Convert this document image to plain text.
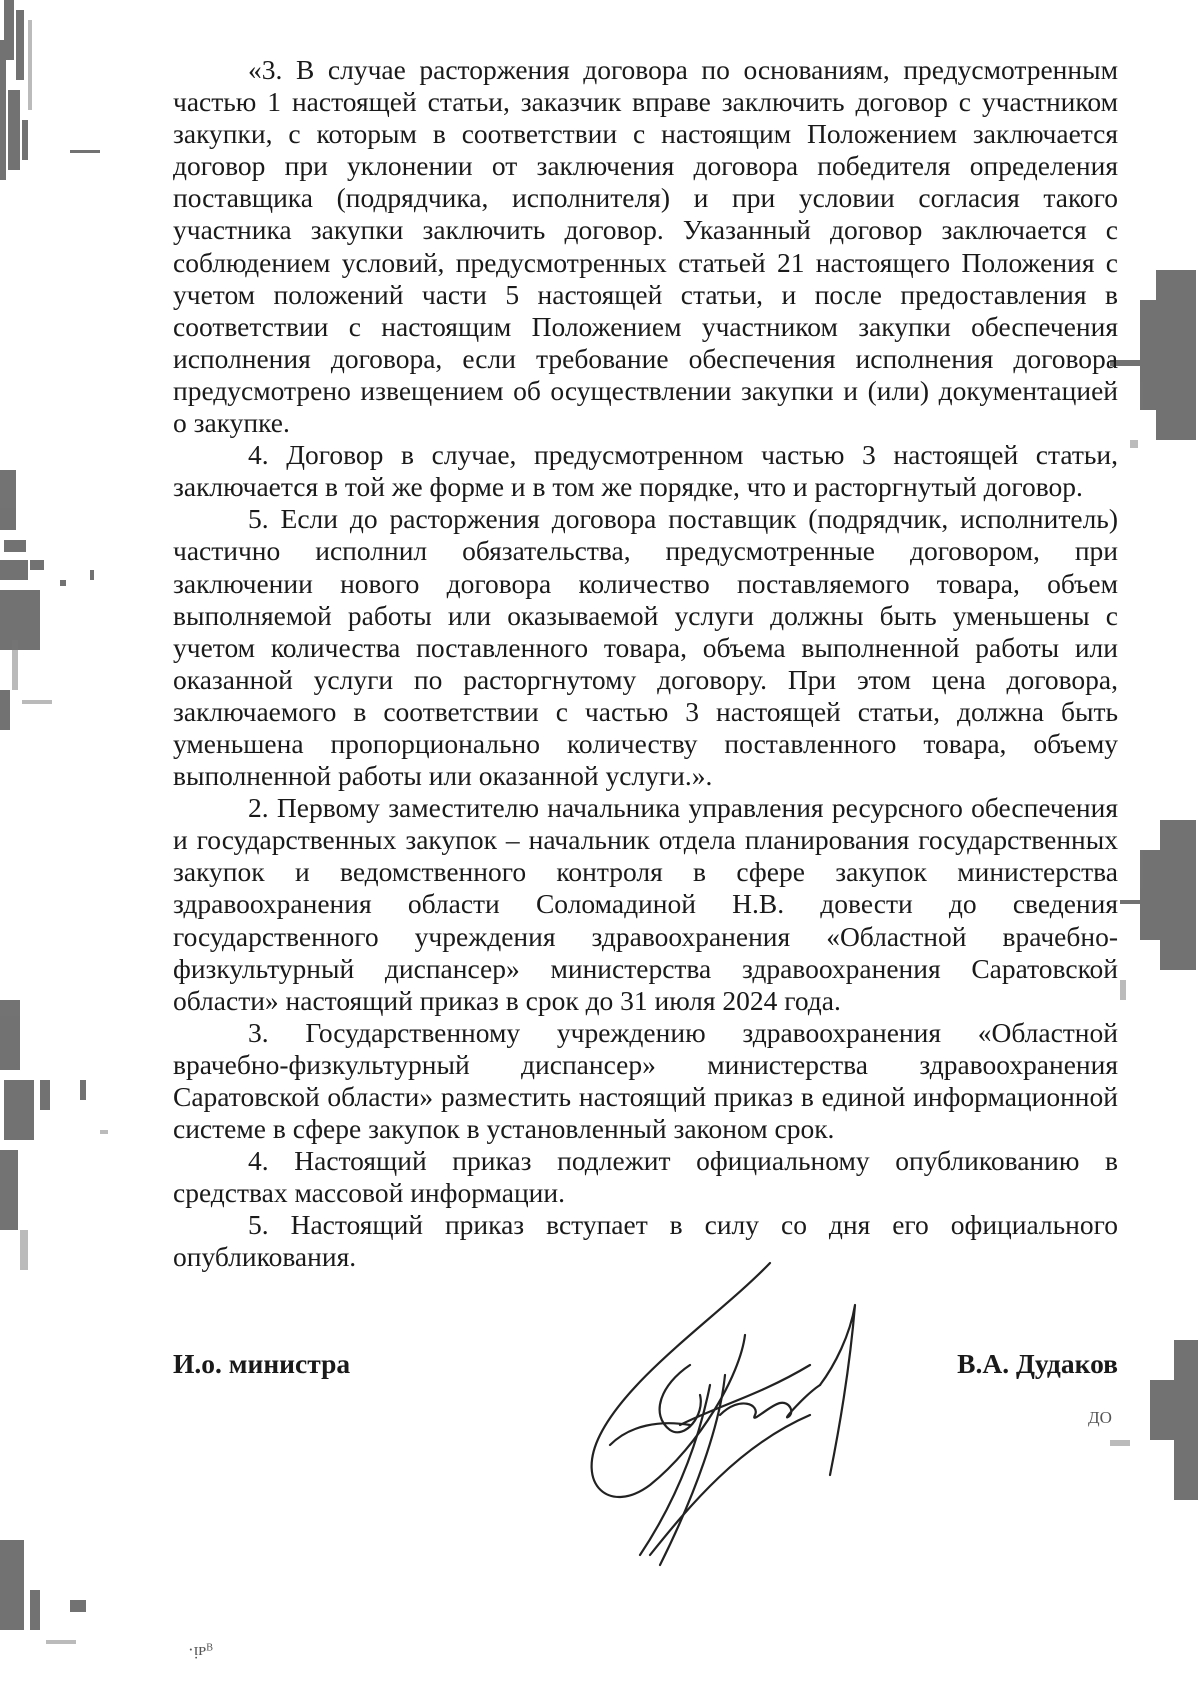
ДО
·ᴉᴘᴮ

«3. В случае расторжения договора по основаниям, предусмотренным частью 1 настоящей статьи, заказчик вправе заключить договор с участником закупки, с которым в соответствии с настоящим Положением заключается договор при уклонении от заключения договора победителя определения поставщика (подрядчика, исполнителя) и при условии согласия такого участника закупки заключить договор. Указанный договор заключается с соблюдением условий, предусмотренных статьей 21 настоящего Положения с учетом положений части 5 настоящей статьи, и после предоставления в соответствии с настоящим Положением участником закупки обеспечения исполнения договора, если требование обеспечения исполнения договора предусмотрено извещением об осуществлении закупки и (или) документацией о закупке.

4. Договор в случае, предусмотренном частью 3 настоящей статьи, заключается в той же форме и в том же порядке, что и расторгнутый договор.

5. Если до расторжения договора поставщик (подрядчик, исполнитель) частично исполнил обязательства, предусмотренные договором, при заключении нового договора количество поставляемого товара, объем выполняемой работы или оказываемой услуги должны быть уменьшены с учетом количества поставленного товара, объема выполненной работы или оказанной услуги по расторгнутому договору. При этом цена договора, заключаемого в соответствии с частью 3 настоящей статьи, должна быть уменьшена пропорционально количеству поставленного товара, объему выполненной работы или оказанной услуги.».

2. Первому заместителю начальника управления ресурсного обеспечения и государственных закупок – начальник отдела планирования государственных закупок и ведомственного контроля в сфере закупок министерства здравоохранения области Соломадиной Н.В. довести до сведения государственного учреждения здравоохранения «Областной врачебно-физкультурный диспансер» министерства здравоохранения Саратовской области» настоящий приказ в срок до 31 июля 2024 года.

3. Государственному учреждению здравоохранения «Областной врачебно-физкультурный диспансер» министерства здравоохранения Саратовской области» разместить настоящий приказ в единой информационной системе в сфере закупок в установленный законом срок.

4. Настоящий приказ подлежит официальному опубликованию в средствах массовой информации.

5. Настоящий приказ вступает в силу со дня его официального опубликования.

И.о. министра	В.А. Дудаков
